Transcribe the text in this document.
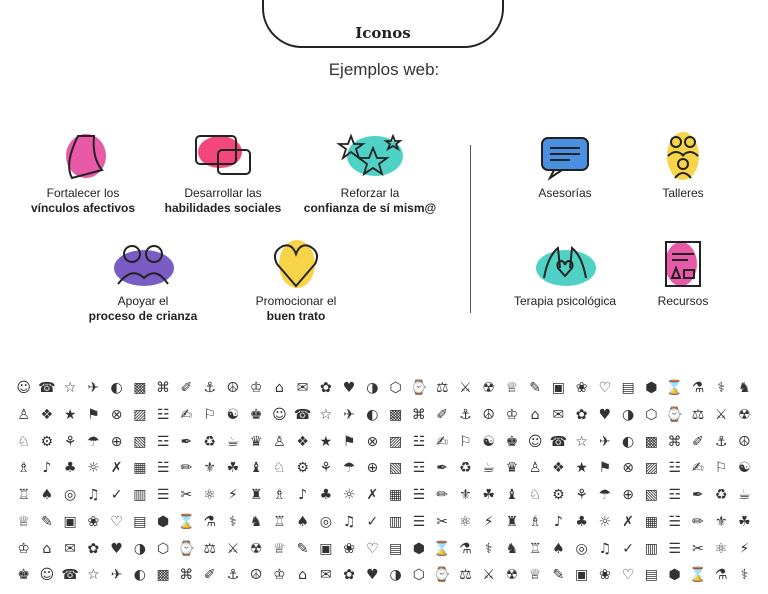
Iconos
Ejemplos web:
Fortalecer los
vínculos afectivos
Desarrollar las
habilidades sociales
Reforzar la
confianza de sí mism@
Apoyar el
proceso de crianza
Promocionar el
buen trato
Asesorías	Talleres
Terapia psicológica	Recursos
☺ ☎ ☆ ✈ ◐ ▩ ⌘ ✐ ⚓ ☮ ♔ ⌂ ✉ ✿ ♥ ◑ ⬡ ⌚ ⚖ ⚔ ☢ ♕ ✎ ▣ ❀ ♡ ▤ ⬢ ⌛ ⚗ ⚕ ♞
♙ ❖ ★ ⚑ ⊗ ▨ ☳ ✍ ⚐ ☯ ♚ ☺ ☎ ☆ ✈ ◐ ▩ ⌘ ✐ ⚓ ☮ ♔ ⌂ ✉ ✿ ♥ ◑ ⬡ ⌚ ⚖ ⚔ ☢
♘ ⚙ ⚘ ☂ ⊕ ▧ ☲ ✒ ♻ ☕ ♛ ♙ ❖ ★ ⚑ ⊗ ▨ ☳ ✍ ⚐ ☯ ♚ ☺ ☎ ☆ ✈ ◐ ▩ ⌘ ✐ ⚓ ☮
♗ ♪ ♣ ☼ ✗ ▦ ☱ ✏ ⚜ ☘ ♝ ♘ ⚙ ⚘ ☂ ⊕ ▧ ☲ ✒ ♻ ☕ ♛ ♙ ❖ ★ ⚑ ⊗ ▨ ☳ ✍ ⚐ ☯
♖ ♠ ◎ ♫ ✓ ▥ ☰ ✂ ⚛ ⚡ ♜ ♗ ♪ ♣ ☼ ✗ ▦ ☱ ✏ ⚜ ☘ ♝ ♘ ⚙ ⚘ ☂ ⊕ ▧ ☲ ✒ ♻ ☕
♕ ✎ ▣ ❀ ♡ ▤ ⬢ ⌛ ⚗ ⚕ ♞ ♖ ♠ ◎ ♫ ✓ ▥ ☰ ✂ ⚛ ⚡ ♜ ♗ ♪ ♣ ☼ ✗ ▦ ☱ ✏ ⚜ ☘
♔ ⌂ ✉ ✿ ♥ ◑ ⬡ ⌚ ⚖ ⚔ ☢ ♕ ✎ ▣ ❀ ♡ ▤ ⬢ ⌛ ⚗ ⚕ ♞ ♖ ♠ ◎ ♫ ✓ ▥ ☰ ✂ ⚛ ⚡
♚ ☺ ☎ ☆ ✈ ◐ ▩ ⌘ ✐ ⚓ ☮ ♔ ⌂ ✉ ✿ ♥ ◑ ⬡ ⌚ ⚖ ⚔ ☢ ♕ ✎ ▣ ❀ ♡ ▤ ⬢ ⌛ ⚗ ⚕
